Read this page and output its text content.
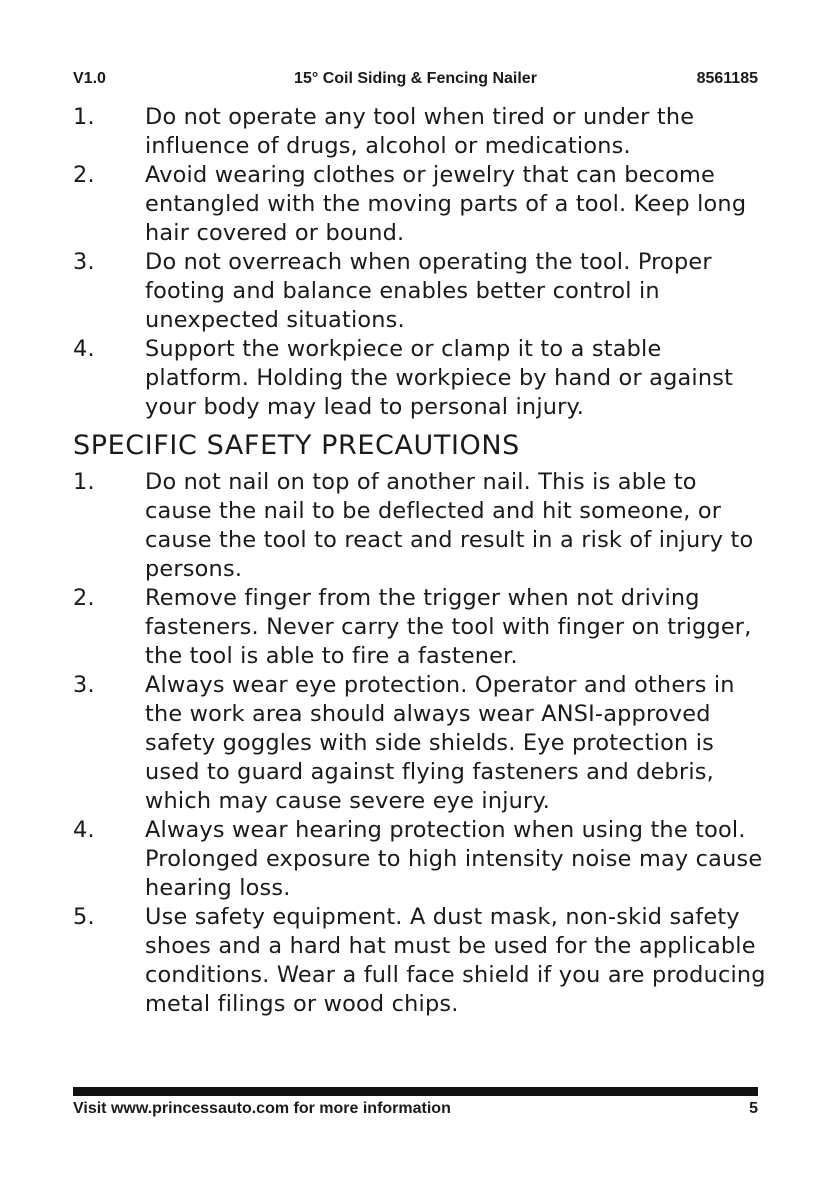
V1.0	15° Coil Siding & Fencing Nailer	8561185
1.	Do not operate any tool when tired or under the influence of drugs, alcohol or medications.
2.	Avoid wearing clothes or jewelry that can become entangled with the moving parts of a tool. Keep long hair covered or bound.
3.	Do not overreach when operating the tool. Proper footing and balance enables better control in unexpected situations.
4.	Support the workpiece or clamp it to a stable platform. Holding the workpiece by hand or against your body may lead to personal injury.
SPECIFIC SAFETY PRECAUTIONS
1.	Do not nail on top of another nail. This is able to cause the nail to be deflected and hit someone, or cause the tool to react and result in a risk of injury to persons.
2.	Remove finger from the trigger when not driving fasteners. Never carry the tool with finger on trigger, the tool is able to fire a fastener.
3.	Always wear eye protection. Operator and others in the work area should always wear ANSI-approved safety goggles with side shields. Eye protection is used to guard against flying fasteners and debris, which may cause severe eye injury.
4.	Always wear hearing protection when using the tool. Prolonged exposure to high intensity noise may cause hearing loss.
5.	Use safety equipment. A dust mask, non-skid safety shoes and a hard hat must be used for the applicable conditions. Wear a full face shield if you are producing metal filings or wood chips.
Visit www.princessauto.com for more information	5
